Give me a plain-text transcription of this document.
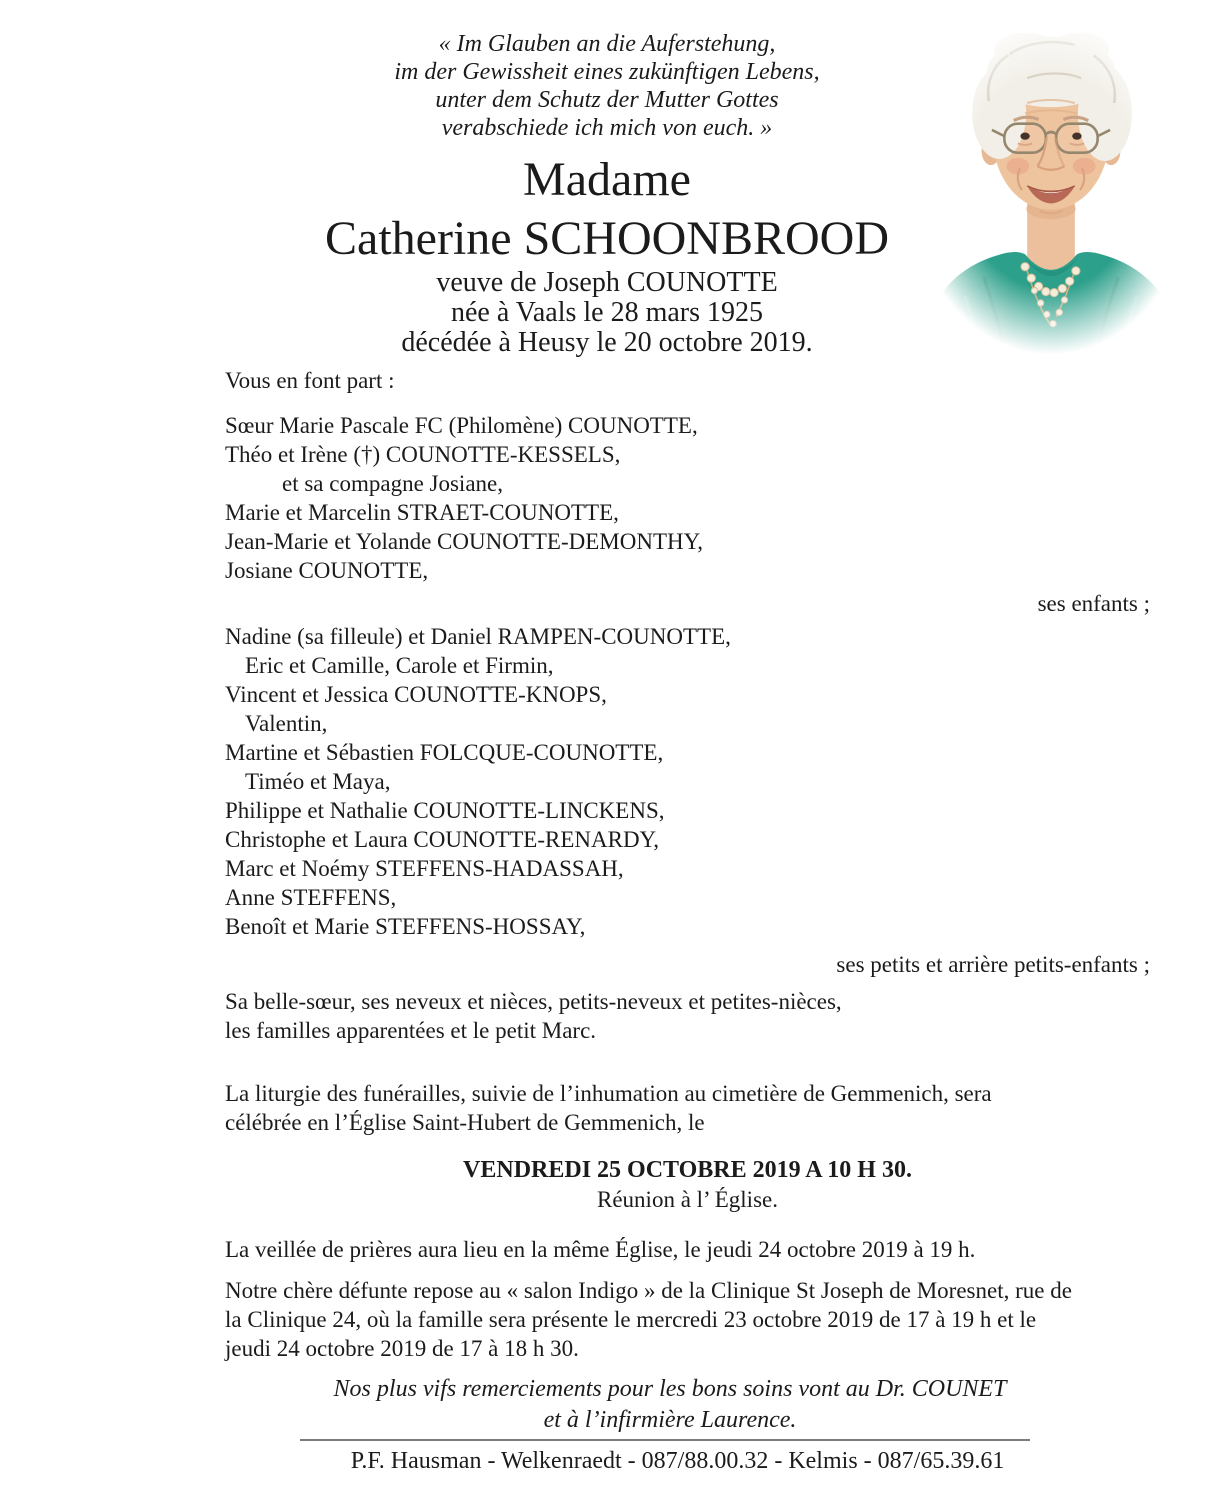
« Im Glauben an die Auferstehung,
im der Gewissheit eines zukünftigen Lebens,
unter dem Schutz der Mutter Gottes
verabschiede ich mich von euch. »
Madame
Catherine SCHOONBROOD
veuve de Joseph COUNOTTE
née à Vaals le 28 mars 1925
décédée à Heusy le 20 octobre 2019.
Vous en font part :
Sœur Marie Pascale FC (Philomène) COUNOTTE,
Théo et Irène (†) COUNOTTE-KESSELS,
et sa compagne Josiane,
Marie et Marcelin STRAET-COUNOTTE,
Jean-Marie et Yolande COUNOTTE-DEMONTHY,
Josiane COUNOTTE,
ses enfants ;
Nadine (sa filleule) et Daniel RAMPEN-COUNOTTE,
Eric et Camille, Carole et Firmin,
Vincent et Jessica COUNOTTE-KNOPS,
Valentin,
Martine et Sébastien FOLCQUE-COUNOTTE,
Timéo et Maya,
Philippe et Nathalie COUNOTTE-LINCKENS,
Christophe et Laura COUNOTTE-RENARDY,
Marc et Noémy STEFFENS-HADASSAH,
Anne STEFFENS,
Benoît et Marie STEFFENS-HOSSAY,
ses petits et arrière petits-enfants ;
Sa belle-sœur, ses neveux et nièces, petits-neveux et petites-nièces,
les familles apparentées et le petit Marc.
La liturgie des funérailles, suivie de l’inhumation au cimetière de Gemmenich, sera
célébrée en l’Église Saint-Hubert de Gemmenich, le
VENDREDI 25 OCTOBRE 2019 A 10 H 30.
Réunion à l’ Église.
La veillée de prières aura lieu en la même Église, le jeudi 24 octobre 2019 à 19 h.
Notre chère défunte repose au « salon Indigo » de la Clinique St Joseph de Moresnet, rue de
la Clinique 24, où la famille sera présente le mercredi 23 octobre 2019 de 17 à 19 h et le
jeudi 24 octobre 2019 de 17 à 18 h 30.
Nos plus vifs remerciements pour les bons soins vont au Dr. COUNET
et à l’infirmière Laurence.
P.F. Hausman - Welkenraedt - 087/88.00.32 - Kelmis - 087/65.39.61
